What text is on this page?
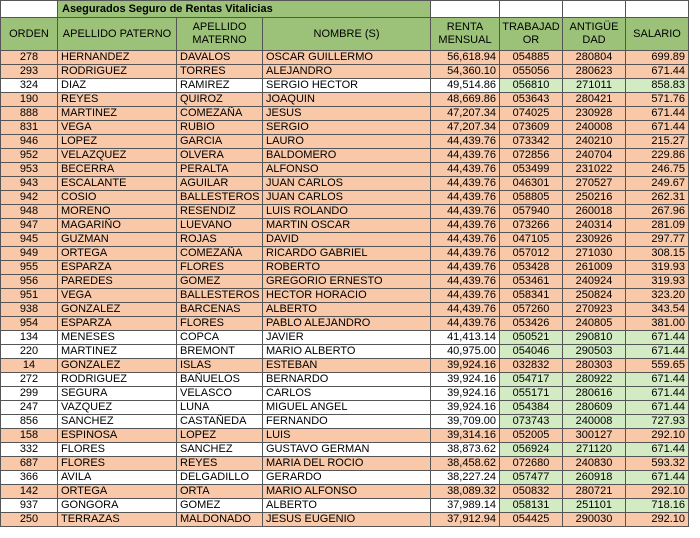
	Asegurados Seguro de Rentas Vitalicias						
ORDEN	APELLIDO PATERNO	APELLIDO MATERNO	NOMBRE (S)	RENTA MENSUAL	TRABAJAD OR	ANTIGÜE DAD	SALARIO
278	HERNANDEZ	DAVALOS	OSCAR GUILLERMO	56,618.94	054885	280804	699.89
293	RODRIGUEZ	TORRES	ALEJANDRO	54,360.10	055056	280623	671.44
324	DIAZ	RAMIREZ	SERGIO HECTOR	49,514.86	056810	271011	858.83
190	REYES	QUIROZ	JOAQUIN	48,669.86	053643	280421	571.76
888	MARTINEZ	COMEZAÑA	JESUS	47,207.34	074025	230928	671.44
831	VEGA	RUBIO	SERGIO	47,207.34	073609	240008	671.44
946	LOPEZ	GARCIA	LAURO	44,439.76	073342	240210	215.27
952	VELAZQUEZ	OLVERA	BALDOMERO	44,439.76	072856	240704	229.86
953	BECERRA	PERALTA	ALFONSO	44,439.76	053499	231022	246.75
943	ESCALANTE	AGUILAR	JUAN CARLOS	44,439.76	046301	270527	249.67
942	COSIO	BALLESTEROS	JUAN CARLOS	44,439.76	058805	250216	262.31
948	MORENO	RESENDIZ	LUIS ROLANDO	44,439.76	057940	260018	267.96
947	MAGARIÑO	LUEVANO	MARTIN OSCAR	44,439.76	073266	240314	281.09
945	GUZMAN	ROJAS	DAVID	44,439.76	047105	230926	297.77
949	ORTEGA	COMEZAÑA	RICARDO GABRIEL	44,439.76	057012	271030	308.15
955	ESPARZA	FLORES	ROBERTO	44,439.76	053428	261009	319.93
956	PAREDES	GOMEZ	GREGORIO ERNESTO	44,439.76	053461	240924	319.93
951	VEGA	BALLESTEROS	HECTOR HORACIO	44,439.76	058341	250824	323.20
938	GONZALEZ	BARCENAS	ALBERTO	44,439.76	057260	270923	343.54
954	ESPARZA	FLORES	PABLO ALEJANDRO	44,439.76	053426	240805	381.00
134	MENESES	COPCA	JAVIER	41,413.14	050521	290810	671.44
220	MARTINEZ	BREMONT	MARIO ALBERTO	40,975.00	054046	290503	671.44
14	GONZALEZ	ISLAS	ESTEBAN	39,924.16	032832	280303	559.65
272	RODRIGUEZ	BAÑUELOS	BERNARDO	39,924.16	054717	280922	671.44
299	SEGURA	VELASCO	CARLOS	39,924.16	055171	280616	671.44
247	VAZQUEZ	LUNA	MIGUEL ANGEL	39,924.16	054384	280609	671.44
856	SANCHEZ	CASTAÑEDA	FERNANDO	39,709.00	073743	240008	727.93
158	ESPINOSA	LOPEZ	LUIS	39,314.16	052005	300127	292.10
332	FLORES	SANCHEZ	GUSTAVO GERMAN	38,873.62	056924	271120	671.44
687	FLORES	REYES	MARIA DEL ROCIO	38,458.62	072680	240830	593.32
366	AVILA	DELGADILLO	GERARDO	38,227.24	057477	260918	671.44
142	ORTEGA	ORTA	MARIO ALFONSO	38,089.32	050832	280721	292.10
937	GONGORA	GOMEZ	ALBERTO	37,989.14	058131	251101	718.16
250	TERRAZAS	MALDONADO	JESUS EUGENIO	37,912.94	054425	290030	292.10
